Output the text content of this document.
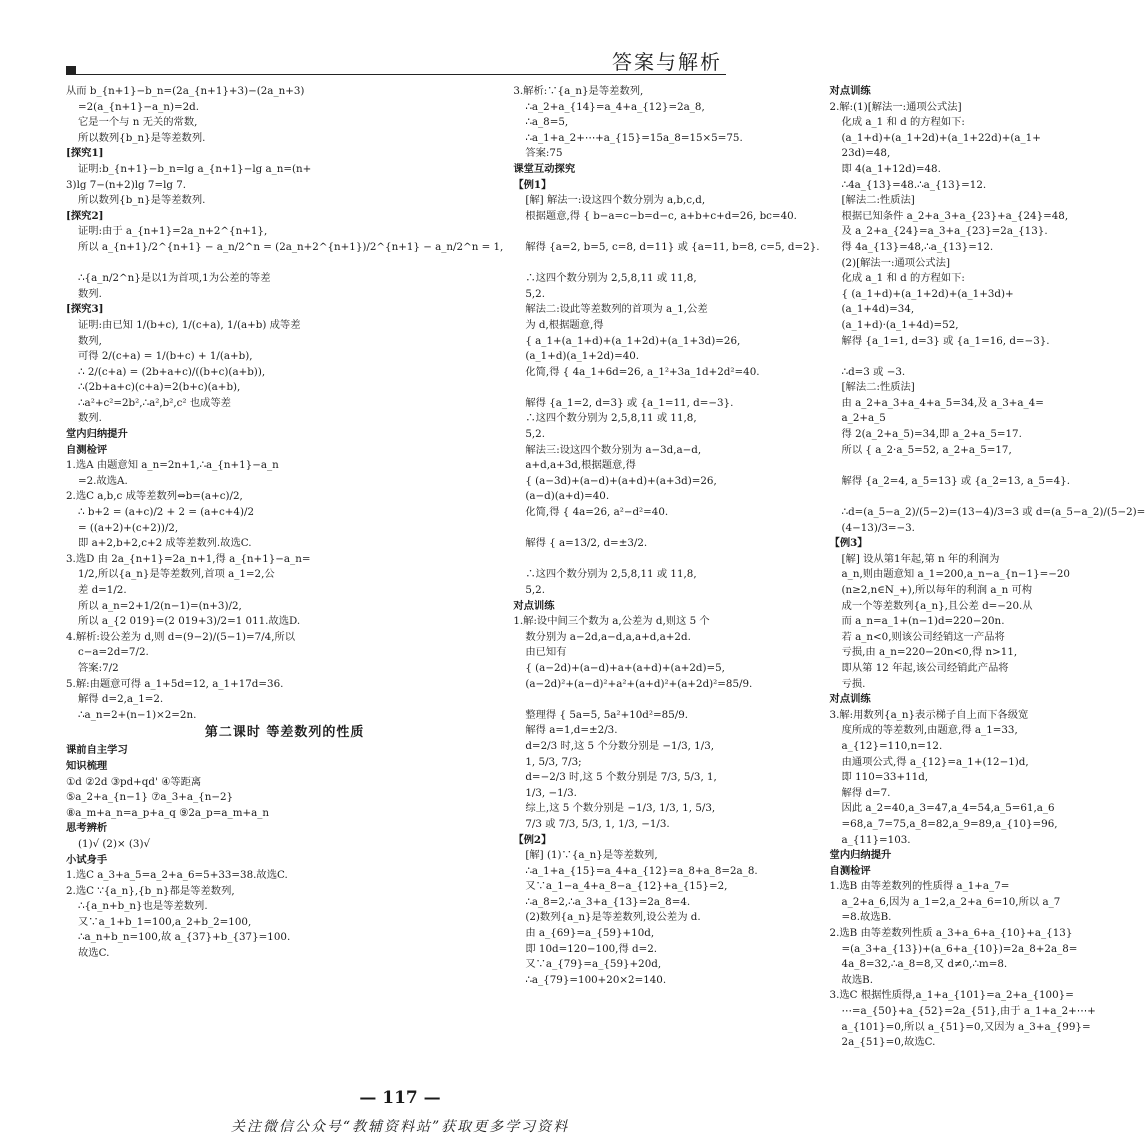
答案与解析
从而 b_{n+1}−b_n=(2a_{n+1}+3)−(2a_n+3)
=2(a_{n+1}−a_n)=2d.
它是一个与 n 无关的常数,
所以数列{b_n}是等差数列.
[探究1]
证明:b_{n+1}−b_n=lg a_{n+1}−lg a_n=(n+
3)lg 7−(n+2)lg 7=lg 7.
所以数列{b_n}是等差数列.
[探究2]
证明:由于 a_{n+1}=2a_n+2^{n+1},
所以 a_{n+1}/2^{n+1} − a_n/2^n = (2a_n+2^{n+1})/2^{n+1} − a_n/2^n = 1,

∴{a_n/2^n}是以1为首项,1为公差的等差
数列.
[探究3]
证明:由已知 1/(b+c), 1/(c+a), 1/(a+b) 成等差
数列,
可得 2/(c+a) = 1/(b+c) + 1/(a+b),
∴ 2/(c+a) = (2b+a+c)/((b+c)(a+b)),
∴(2b+a+c)(c+a)=2(b+c)(a+b),
∴a²+c²=2b²,∴a²,b²,c² 也成等差
数列.
堂内归纳提升
自测检评
1.选A 由题意知 a_n=2n+1,∴a_{n+1}−a_n
=2.故选A.
2.选C a,b,c 成等差数列⇔b=(a+c)/2,
∴ b+2 = (a+c)/2 + 2 = (a+c+4)/2
= ((a+2)+(c+2))/2,
即 a+2,b+2,c+2 成等差数列.故选C.
3.选D 由 2a_{n+1}=2a_n+1,得 a_{n+1}−a_n=
1/2,所以{a_n}是等差数列,首项 a_1=2,公
差 d=1/2.
所以 a_n=2+1/2(n−1)=(n+3)/2,
所以 a_{2 019}=(2 019+3)/2=1 011.故选D.
4.解析:设公差为 d,则 d=(9−2)/(5−1)=7/4,所以
c−a=2d=7/2.
答案:7/2
5.解:由题意可得 a_1+5d=12, a_1+17d=36.
解得 d=2,a_1=2.
∴a_n=2+(n−1)×2=2n.
第二课时 等差数列的性质
课前自主学习
知识梳理
①d ②2d ③pd+qd' ④等距离
⑤a_2+a_{n−1} ⑦a_3+a_{n−2}
⑧a_m+a_n=a_p+a_q ⑨2a_p=a_m+a_n
思考辨析
(1)√ (2)× (3)√
小试身手
1.选C a_3+a_5=a_2+a_6=5+33=38.故选C.
2.选C ∵{a_n},{b_n}都是等差数列,
∴{a_n+b_n}也是等差数列.
又∵a_1+b_1=100,a_2+b_2=100,
∴a_n+b_n=100,故 a_{37}+b_{37}=100.
故选C.
3.解析:∵{a_n}是等差数列,
∴a_2+a_{14}=a_4+a_{12}=2a_8,
∴a_8=5,
∴a_1+a_2+⋯+a_{15}=15a_8=15×5=75.
答案:75
课堂互动探究
【例1】
[解] 解法一:设这四个数分别为 a,b,c,d,
根据题意,得 { b−a=c−b=d−c, a+b+c+d=26, bc=40.

解得 {a=2, b=5, c=8, d=11} 或 {a=11, b=8, c=5, d=2}.

∴这四个数分别为 2,5,8,11 或 11,8,
5,2.
解法二:设此等差数列的首项为 a_1,公差
为 d,根据题意,得
{ a_1+(a_1+d)+(a_1+2d)+(a_1+3d)=26,
(a_1+d)(a_1+2d)=40.
化简,得 { 4a_1+6d=26, a_1²+3a_1d+2d²=40.

解得 {a_1=2, d=3} 或 {a_1=11, d=−3}.
∴这四个数分别为 2,5,8,11 或 11,8,
5,2.
解法三:设这四个数分别为 a−3d,a−d,
a+d,a+3d,根据题意,得
{ (a−3d)+(a−d)+(a+d)+(a+3d)=26,
(a−d)(a+d)=40.
化简,得 { 4a=26, a²−d²=40.

解得 { a=13/2, d=±3/2.

∴这四个数分别为 2,5,8,11 或 11,8,
5,2.
对点训练
1.解:设中间三个数为 a,公差为 d,则这 5 个
数分别为 a−2d,a−d,a,a+d,a+2d.
由已知有
{ (a−2d)+(a−d)+a+(a+d)+(a+2d)=5,
(a−2d)²+(a−d)²+a²+(a+d)²+(a+2d)²=85/9.

整理得 { 5a=5, 5a²+10d²=85/9.
解得 a=1,d=±2/3.
d=2/3 时,这 5 个分数分别是 −1/3, 1/3,
1, 5/3, 7/3;
d=−2/3 时,这 5 个数分别是 7/3, 5/3, 1,
1/3, −1/3.
综上,这 5 个数分别是 −1/3, 1/3, 1, 5/3,
7/3 或 7/3, 5/3, 1, 1/3, −1/3.
【例2】
[解] (1)∵{a_n}是等差数列,
∴a_1+a_{15}=a_4+a_{12}=a_8+a_8=2a_8.
又∵a_1−a_4+a_8−a_{12}+a_{15}=2,
∴a_8=2,∴a_3+a_{13}=2a_8=4.
(2)数列{a_n}是等差数列,设公差为 d.
由 a_{69}=a_{59}+10d,
即 10d=120−100,得 d=2.
又∵a_{79}=a_{59}+20d,
∴a_{79}=100+20×2=140.
对点训练
2.解:(1)[解法一:通项公式法]
化成 a_1 和 d 的方程如下:
(a_1+d)+(a_1+2d)+(a_1+22d)+(a_1+
23d)=48,
即 4(a_1+12d)=48.
∴4a_{13}=48.∴a_{13}=12.
[解法二:性质法]
根据已知条件 a_2+a_3+a_{23}+a_{24}=48,
及 a_2+a_{24}=a_3+a_{23}=2a_{13}.
得 4a_{13}=48,∴a_{13}=12.
(2)[解法一:通项公式法]
化成 a_1 和 d 的方程如下:
{ (a_1+d)+(a_1+2d)+(a_1+3d)+
(a_1+4d)=34,
(a_1+d)·(a_1+4d)=52,
解得 {a_1=1, d=3} 或 {a_1=16, d=−3}.

∴d=3 或 −3.
[解法二:性质法]
由 a_2+a_3+a_4+a_5=34,及 a_3+a_4=
a_2+a_5
得 2(a_2+a_5)=34,即 a_2+a_5=17.
所以 { a_2·a_5=52, a_2+a_5=17,

解得 {a_2=4, a_5=13} 或 {a_2=13, a_5=4}.

∴d=(a_5−a_2)/(5−2)=(13−4)/3=3 或 d=(a_5−a_2)/(5−2)=
(4−13)/3=−3.
【例3】
[解] 设从第1年起,第 n 年的利润为
a_n,则由题意知 a_1=200,a_n−a_{n−1}=−20
(n≥2,n∈N_+),所以每年的利润 a_n 可构
成一个等差数列{a_n},且公差 d=−20.从
而 a_n=a_1+(n−1)d=220−20n.
若 a_n<0,则该公司经销这一产品将
亏损,由 a_n=220−20n<0,得 n>11,
即从第 12 年起,该公司经销此产品将
亏损.
对点训练
3.解:用数列{a_n}表示梯子自上而下各级宽
度所成的等差数列,由题意,得 a_1=33,
a_{12}=110,n=12.
由通项公式,得 a_{12}=a_1+(12−1)d,
即 110=33+11d,
解得 d=7.
因此 a_2=40,a_3=47,a_4=54,a_5=61,a_6
=68,a_7=75,a_8=82,a_9=89,a_{10}=96,
a_{11}=103.
堂内归纳提升
自测检评
1.选B 由等差数列的性质得 a_1+a_7=
a_2+a_6,因为 a_1=2,a_2+a_6=10,所以 a_7
=8.故选B.
2.选B 由等差数列性质 a_3+a_6+a_{10}+a_{13}
=(a_3+a_{13})+(a_6+a_{10})=2a_8+2a_8=
4a_8=32,∴a_8=8,又 d≠0,∴m=8.
故选B.
3.选C 根据性质得,a_1+a_{101}=a_2+a_{100}=
⋯=a_{50}+a_{52}=2a_{51},由于 a_1+a_2+⋯+
a_{101}=0,所以 a_{51}=0,又因为 a_3+a_{99}=
2a_{51}=0,故选C.
— 117 —
关注微信公众号“教辅资料站”获取更多学习资料
